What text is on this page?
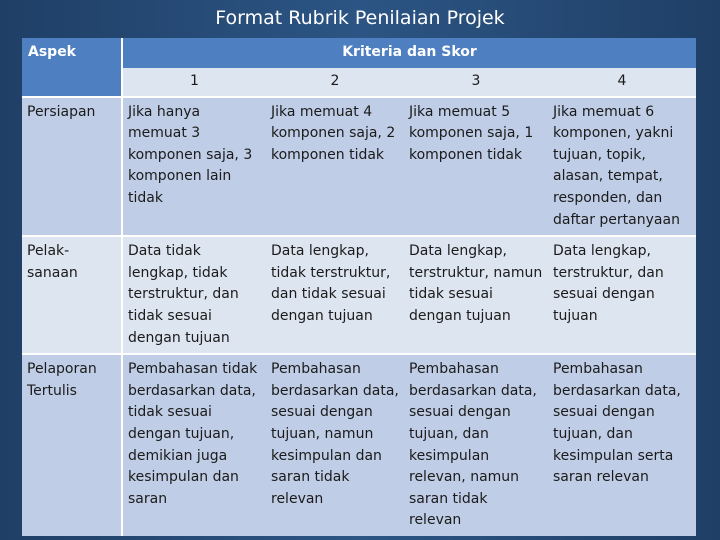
Format Rubrik Penilaian Projek
Aspek	Kriteria dan Skor			
	1	2	3	4
Persiapan	Jika hanya memuat 3 komponen saja, 3 komponen lain tidak	Jika memuat 4 komponen saja, 2 komponen tidak	Jika memuat 5 komponen saja, 1 komponen tidak	Jika memuat 6 komponen, yakni tujuan, topik, alasan, tempat, responden, dan daftar pertanyaan
Pelak-sanaan	Data tidak lengkap, tidak terstruktur, dan tidak sesuai dengan tujuan	Data lengkap, tidak terstruktur, dan tidak sesuai dengan tujuan	Data lengkap, terstruktur, namun tidak sesuai dengan tujuan	Data lengkap, terstruktur, dan sesuai dengan tujuan
Pelaporan Tertulis	Pembahasan tidak berdasarkan data, tidak sesuai dengan tujuan, demikian juga kesimpulan dan saran	Pembahasan berdasarkan data, sesuai dengan tujuan, namun kesimpulan dan saran tidak relevan	Pembahasan berdasarkan data, sesuai dengan tujuan, dan kesimpulan relevan, namun saran tidak relevan	Pembahasan berdasarkan data, sesuai dengan tujuan, dan kesimpulan serta saran relevan
